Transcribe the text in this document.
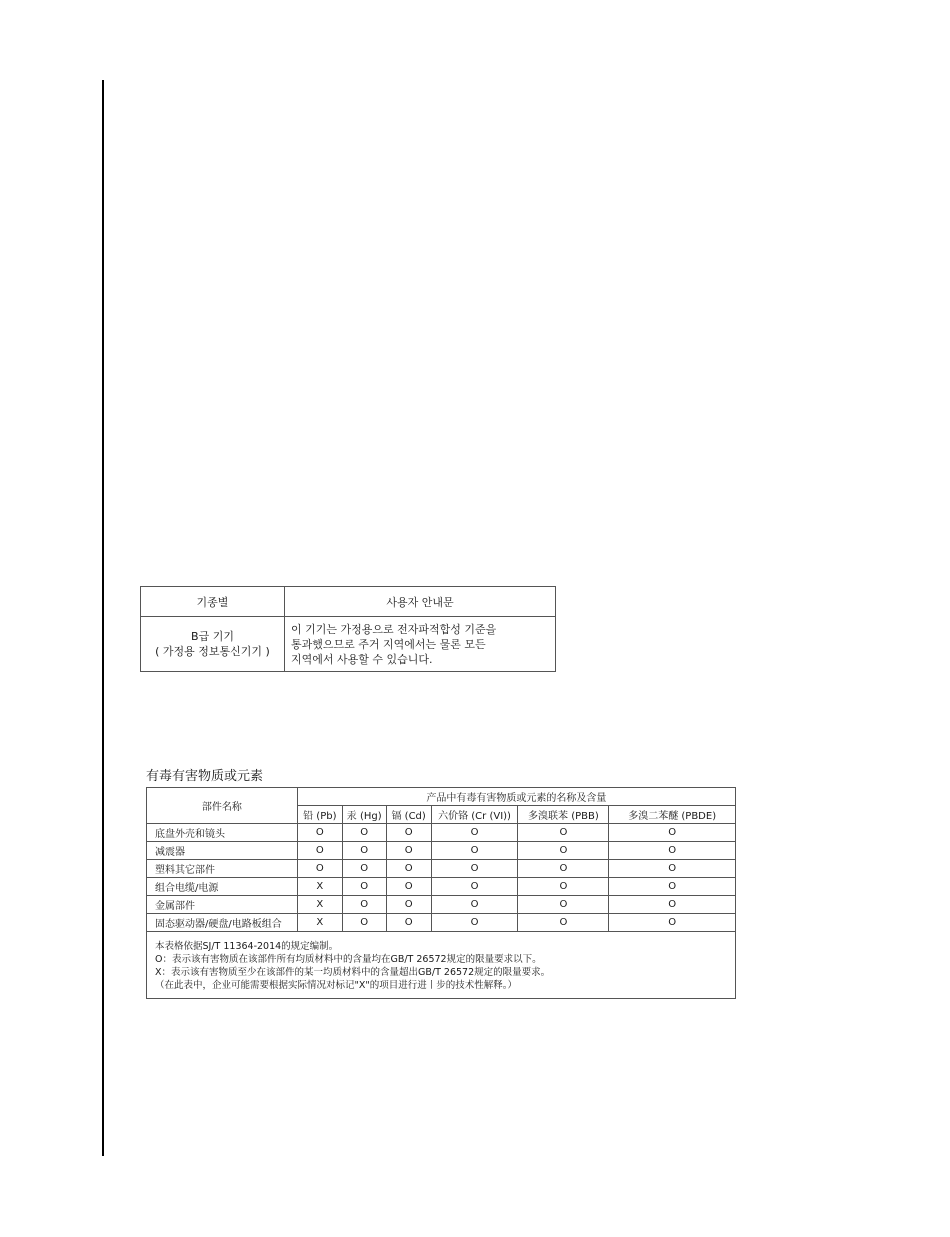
기종별	사용자 안내문

B급 기기
( 가정용 정보통신기기 )	이 기기는 가정용으로 전자파적합성 기준을
통과했으므로 주거 지역에서는 물론 모든
지역에서 사용할 수 있습니다.
有毒有害物质或元素
部件名称	产品中有毒有害物质或元素的名称及含量					
	铅 (Pb)	汞 (Hg)	镉 (Cd)	六价铬 (Cr (VI))	多溴联苯 (PBB)	多溴二苯醚 (PBDE)
底盘外壳和镜头	O	O	O	O	O	O
减震器	O	O	O	O	O	O
塑料其它部件	O	O	O	O	O	O
组合电缆/电源	X	O	O	O	O	O
金属部件	X	O	O	O	O	O
固态驱动器/硬盘/电路板组合	X	O	O	O	O	O

本表格依据SJ/T 11364-2014的规定编制。
O：表示该有害物质在该部件所有均质材料中的含量均在GB/T 26572规定的限量要求以下。
X：表示该有害物质至少在该部件的某一均质材料中的含量超出GB/T 26572规定的限量要求。
（在此表中，企业可能需要根据实际情况对标记"X"的项目进行进丨步的技术性解释。）						
